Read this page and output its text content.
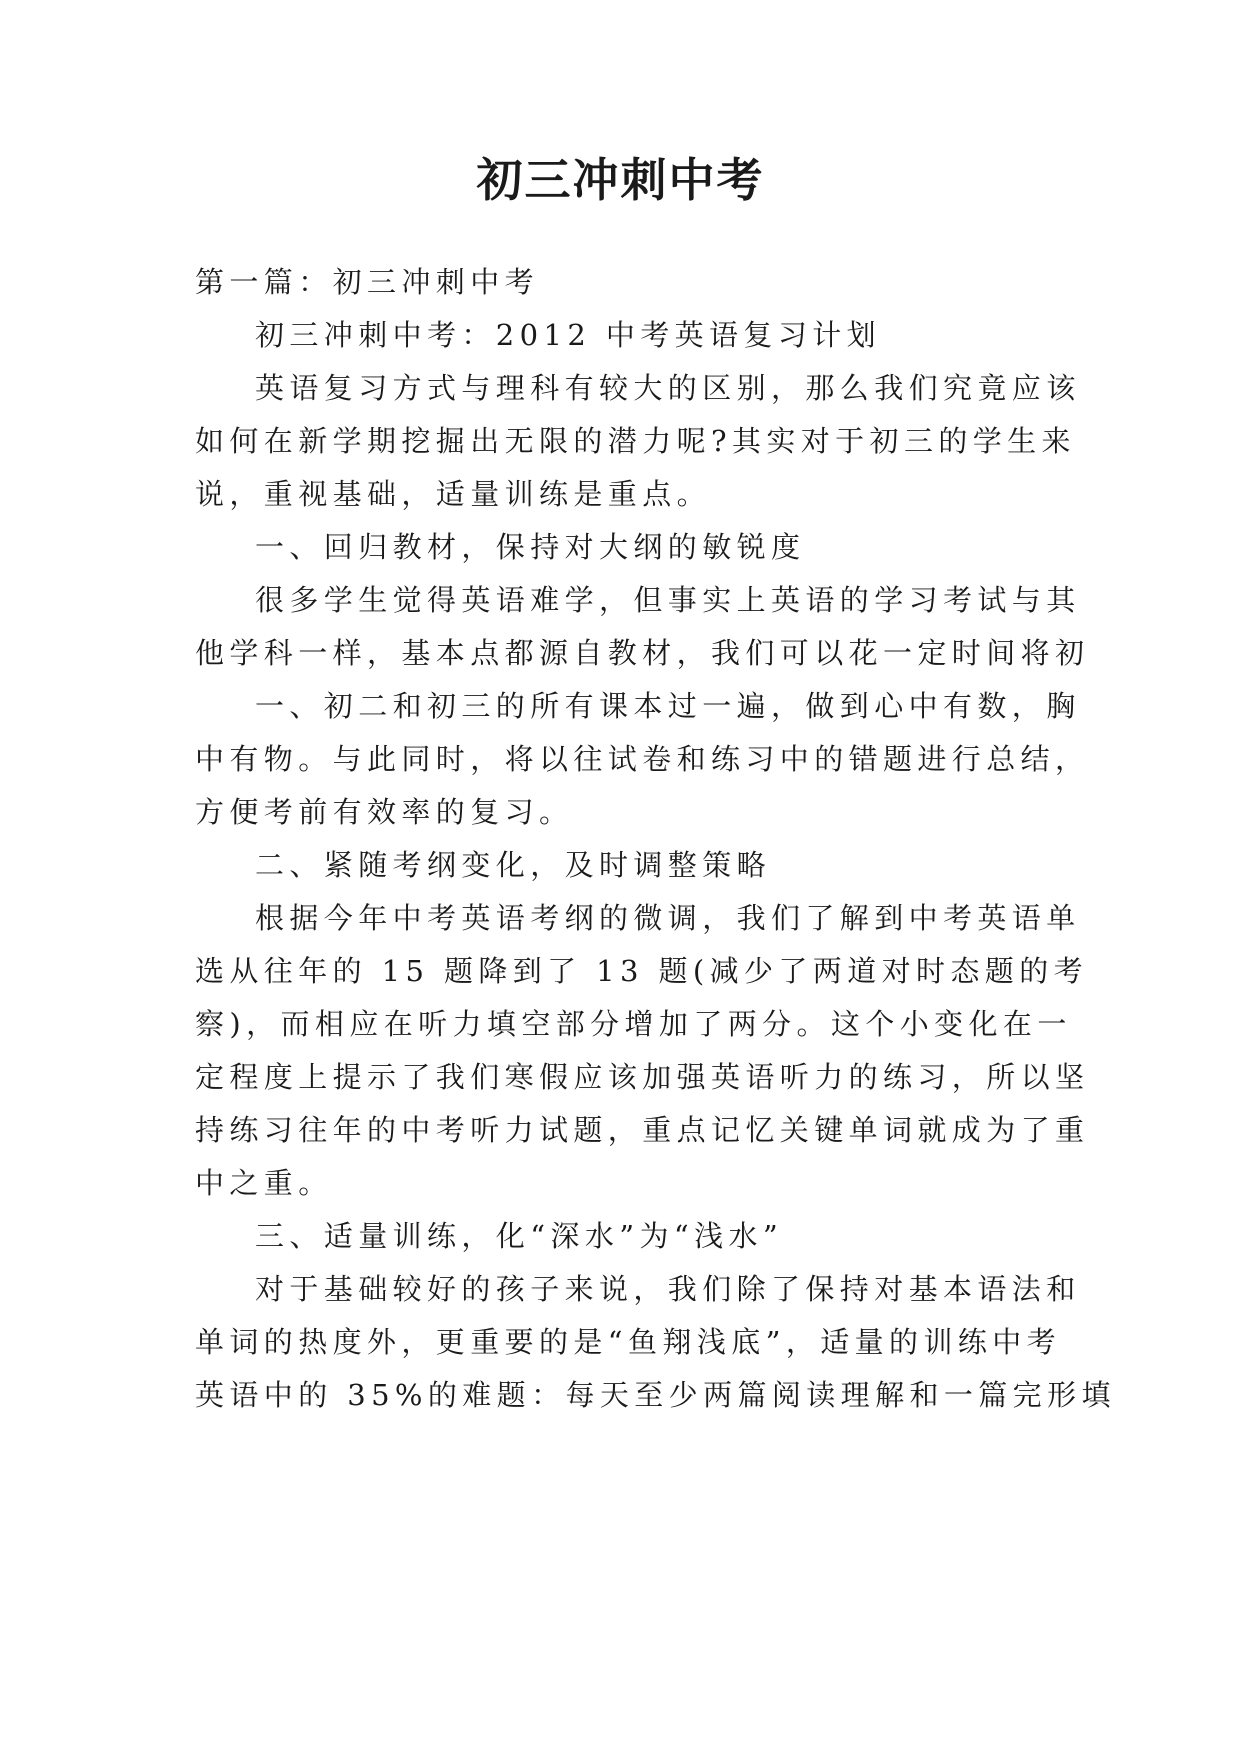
初三冲刺中考
第一篇：初三冲刺中考
初三冲刺中考：2012 中考英语复习计划
英语复习方式与理科有较大的区别，那么我们究竟应该
如何在新学期挖掘出无限的潜力呢?其实对于初三的学生来
说，重视基础，适量训练是重点。
一、回归教材，保持对大纲的敏锐度
很多学生觉得英语难学，但事实上英语的学习考试与其
他学科一样，基本点都源自教材，我们可以花一定时间将初
一、初二和初三的所有课本过一遍，做到心中有数，胸
中有物。与此同时，将以往试卷和练习中的错题进行总结，
方便考前有效率的复习。
二、紧随考纲变化，及时调整策略
根据今年中考英语考纲的微调，我们了解到中考英语单
选从往年的 15 题降到了 13 题(减少了两道对时态题的考
察)，而相应在听力填空部分增加了两分。这个小变化在一
定程度上提示了我们寒假应该加强英语听力的练习，所以坚
持练习往年的中考听力试题，重点记忆关键单词就成为了重
中之重。
三、适量训练，化“深水”为“浅水”
对于基础较好的孩子来说，我们除了保持对基本语法和
单词的热度外，更重要的是“鱼翔浅底”，适量的训练中考
英语中的 35%的难题：每天至少两篇阅读理解和一篇完形填
